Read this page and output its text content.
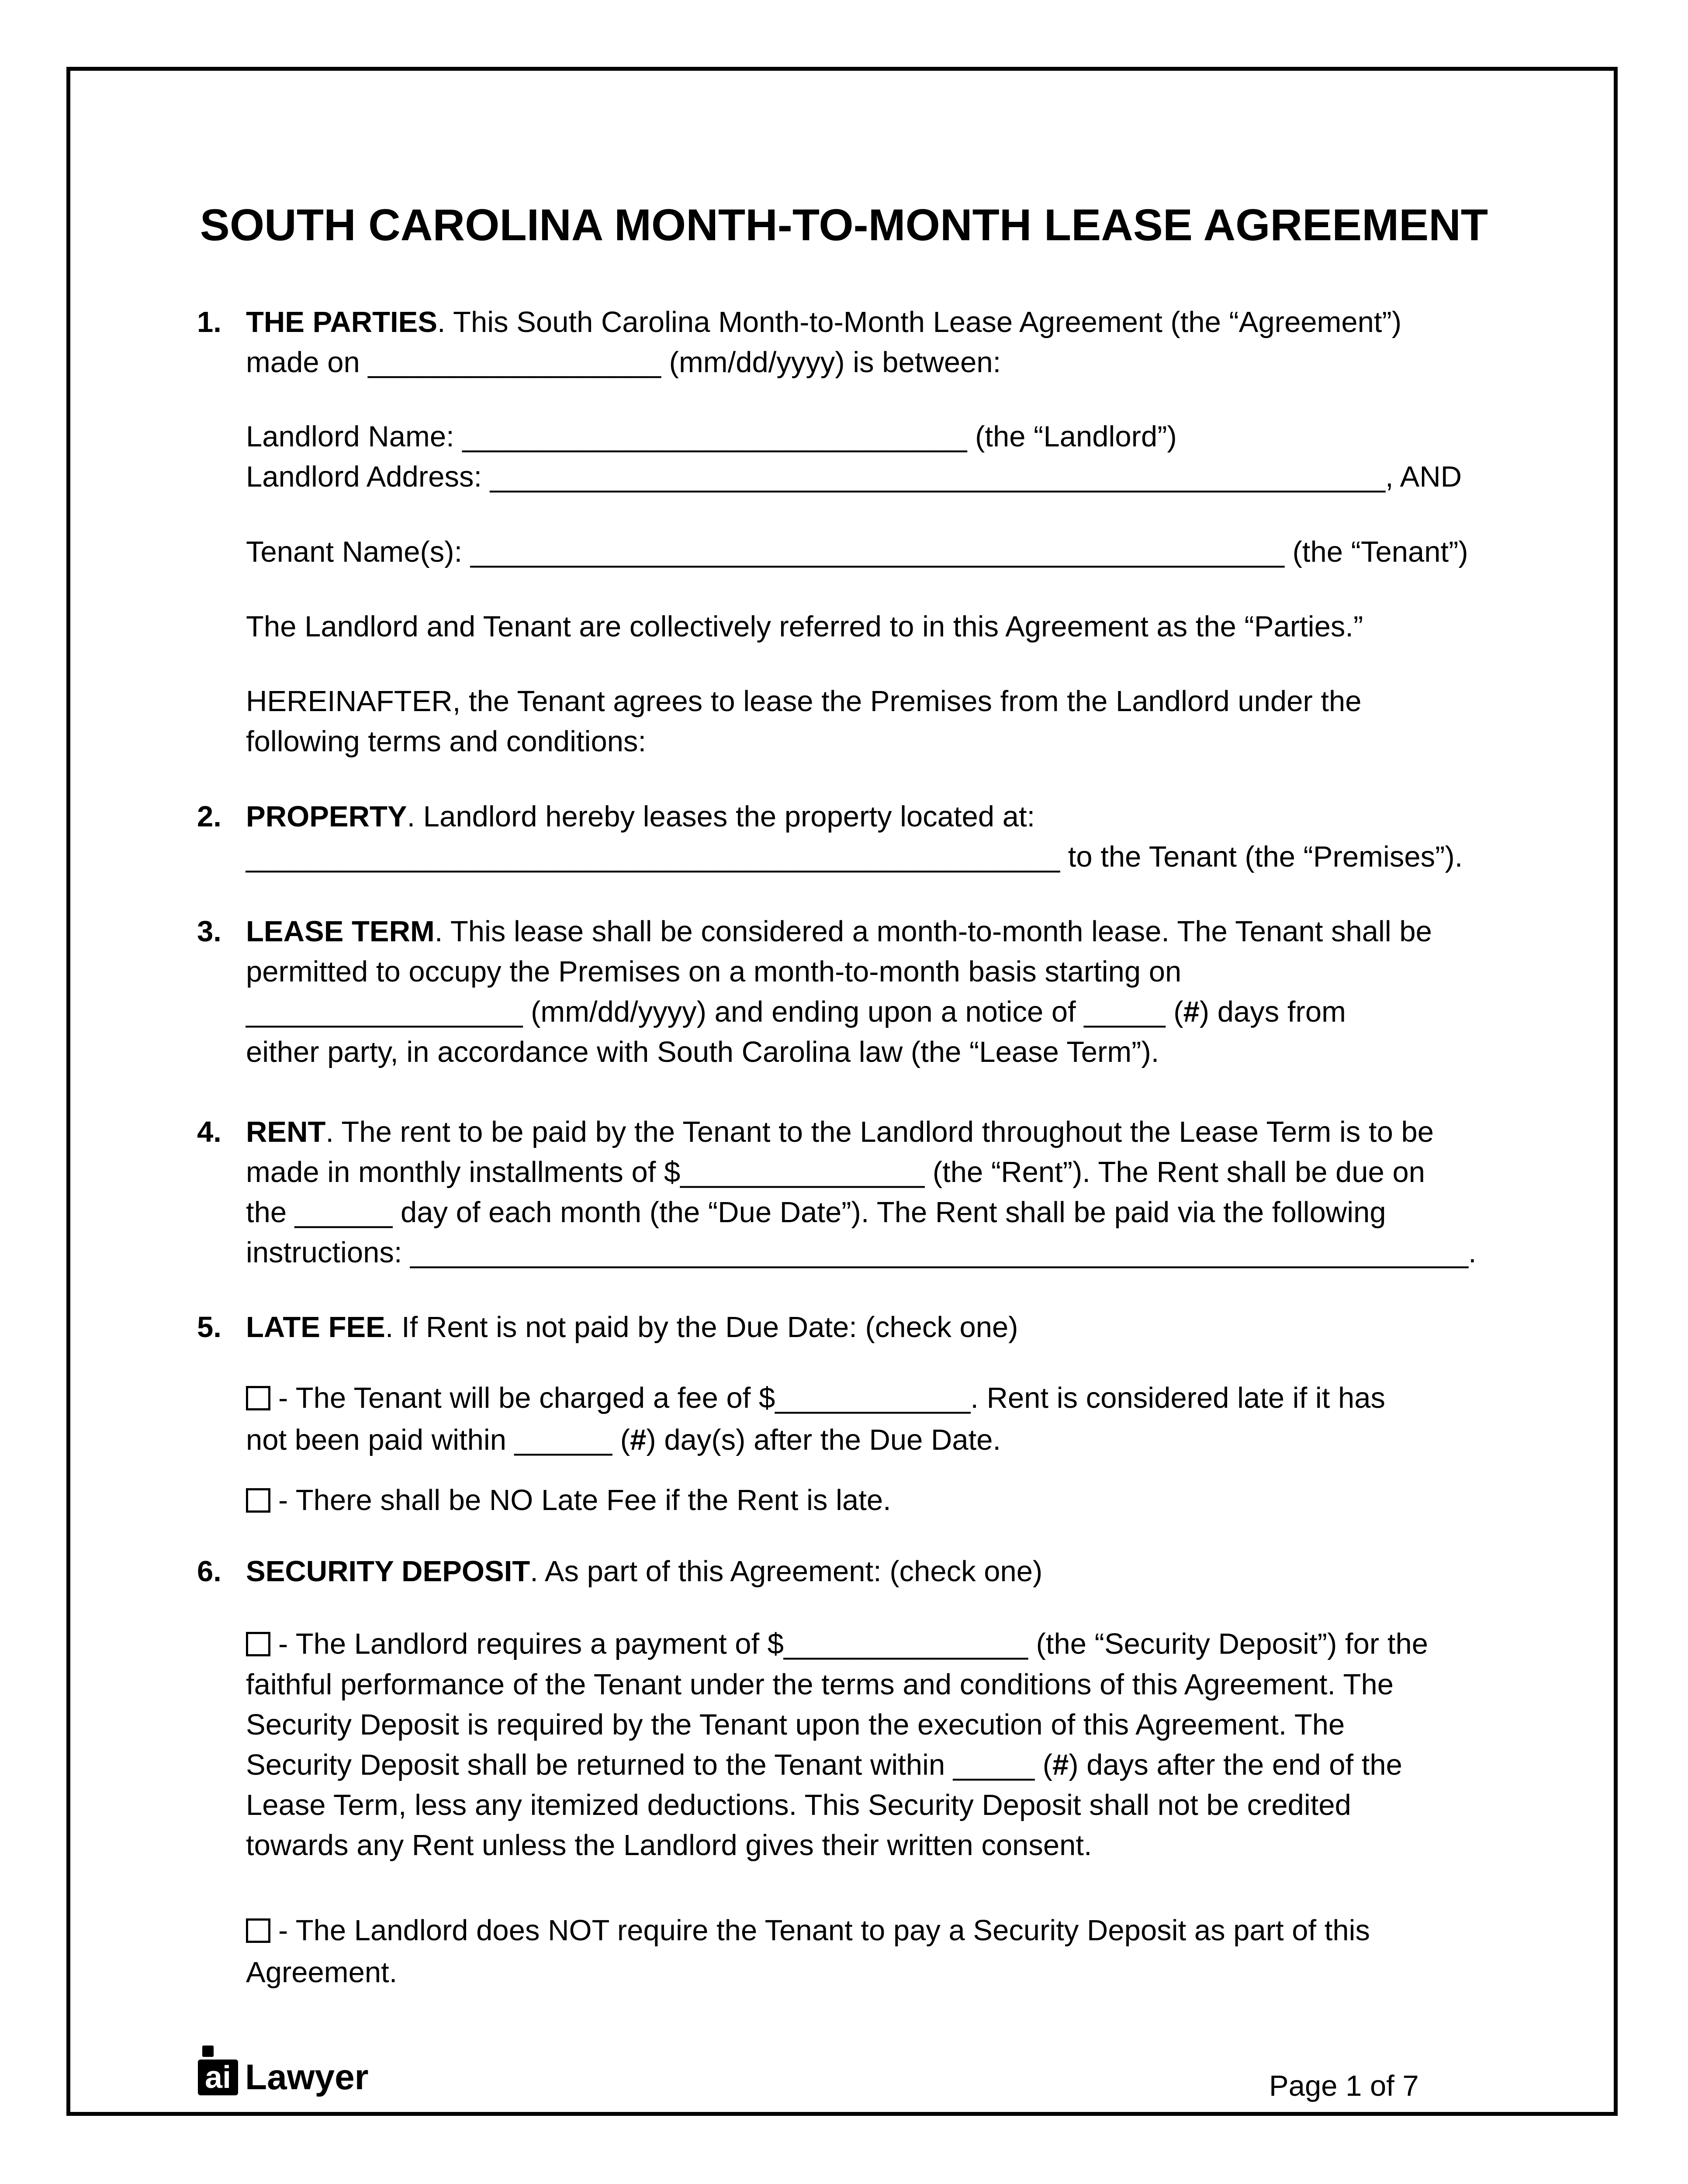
SOUTH CAROLINA MONTH-TO-MONTH LEASE AGREEMENT
1. THE PARTIES. This South Carolina Month-to-Month Lease Agreement (the “Agreement”)
made on __________________ (mm/dd/yyyy) is between:
Landlord Name: _______________________________ (the “Landlord”)
Landlord Address: _______________________________________________________, AND
Tenant Name(s): __________________________________________________ (the “Tenant”)
The Landlord and Tenant are collectively referred to in this Agreement as the “Parties.”
HEREINAFTER, the Tenant agrees to lease the Premises from the Landlord under the
following terms and conditions:
2. PROPERTY. Landlord hereby leases the property located at:
__________________________________________________ to the Tenant (the “Premises”).
3. LEASE TERM. This lease shall be considered a month-to-month lease. The Tenant shall be
permitted to occupy the Premises on a month-to-month basis starting on
_________________ (mm/dd/yyyy) and ending upon a notice of _____ (#) days from
either party, in accordance with South Carolina law (the “Lease Term”).
4. RENT. The rent to be paid by the Tenant to the Landlord throughout the Lease Term is to be
made in monthly installments of $_______________ (the “Rent”). The Rent shall be due on
the ______ day of each month (the “Due Date”). The Rent shall be paid via the following
instructions: _________________________________________________________________.
5. LATE FEE. If Rent is not paid by the Due Date: (check one)
- The Tenant will be charged a fee of $____________. Rent is considered late if it has
not been paid within ______ (#) day(s) after the Due Date.
- There shall be NO Late Fee if the Rent is late.
6. SECURITY DEPOSIT. As part of this Agreement: (check one)
- The Landlord requires a payment of $_______________ (the “Security Deposit”) for the
faithful performance of the Tenant under the terms and conditions of this Agreement. The
Security Deposit is required by the Tenant upon the execution of this Agreement. The
Security Deposit shall be returned to the Tenant within _____ (#) days after the end of the
Lease Term, less any itemized deductions. This Security Deposit shall not be credited
towards any Rent unless the Landlord gives their written consent.
- The Landlord does NOT require the Tenant to pay a Security Deposit as part of this
Agreement.
ai Lawyer	Page 1 of 7
